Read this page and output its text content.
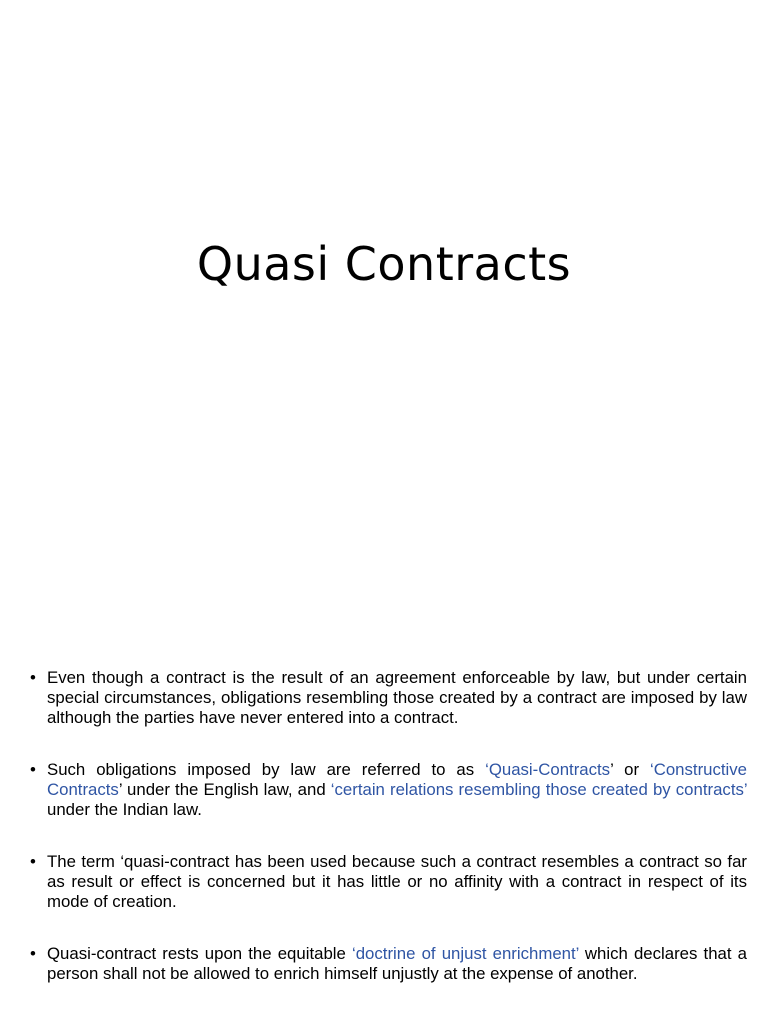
Quasi Contracts
• Even though a contract is the result of an agreement enforceable by law, but under certain special circumstances, obligations resembling those created by a contract are imposed by law although the parties have never entered into a contract.
• Such obligations imposed by law are referred to as ‘Quasi-Contracts’ or ‘Constructive Contracts’ under the English law, and ‘certain relations resembling those created by contracts’ under the Indian law.
• The term ‘quasi-contract has been used because such a contract resembles a contract so far as result or effect is concerned but it has little or no affinity with a contract in respect of its mode of creation.
• Quasi-contract rests upon the equitable ‘doctrine of unjust enrichment’ which declares that a person shall not be allowed to enrich himself unjustly at the expense of another.
